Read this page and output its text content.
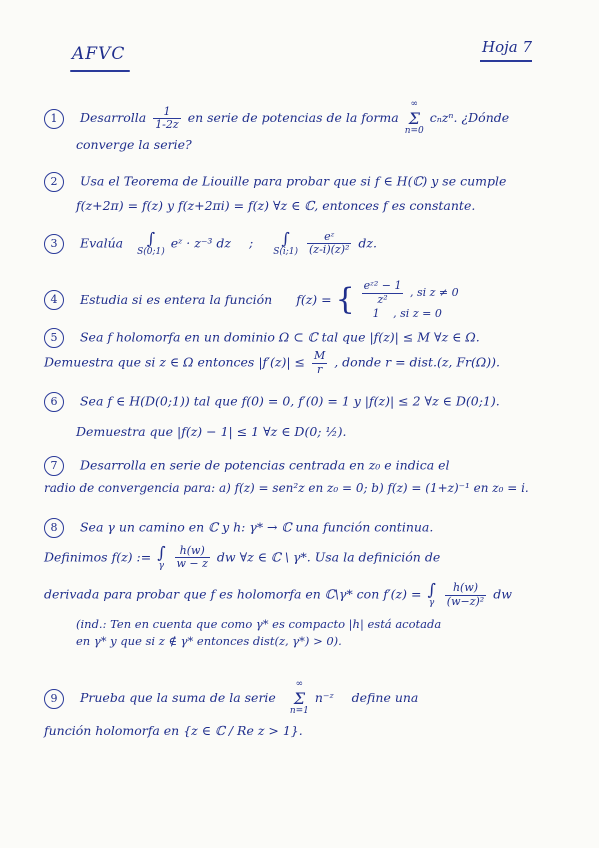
AFVC	Hoja 7
1 Desarrolla $\frac{1}{1-2z}$ en serie de potencias de la forma ∞
Σ
n=0 cₙzⁿ. ¿Dónde
converge la serie?
2 Usa el Teorema de Liouille para probar que si f ∈ H(ℂ) y se cumple
f(z+2π) = f(z) y f(z+2πi) = f(z) ∀z ∈ ℂ, entonces f es constante.
3 Evalúa	∫
S(0;1) eᶻ · z⁻³ dz ;	∫
S(i;1) $\frac{\text{eᶻ}}{\text{(z-i)(z)²}}$ dz.
4 Estudia si es entera la función f(z) = { $\frac{\text{eᶻ² − 1}}{\text{z²}}$ , si z ≠ 0
1 , si z = 0
5 Sea f holomorfa en un dominio Ω ⊂ ℂ tal que |f(z)| ≤ M ∀z ∈ Ω.
Demuestra que si z ∈ Ω entonces $|f'(z)| \le \frac{M}{r}$ , donde r = dist.(z, Fr(Ω)).
6 Sea f ∈ H(D(0;1)) tal que f(0) = 0, f′(0) = 1 y |f(z)| ≤ 2 ∀z ∈ D(0;1).
Demuestra que |f(z) − 1| ≤ 1 ∀z ∈ D(0; ½).
7 Desarrolla en serie de potencias centrada en z₀ e indica el
radio de convergencia para: a) f(z) = sen²z en z₀ = 0; b) f(z) = (1+z)⁻¹ en z₀ = i.
8 Sea γ un camino en ℂ y h: γ* → ℂ una función continua.
Definimos f(z) := ∫
γ $\frac{h(w)}{w - z}$ dw ∀z ∈ ℂ \ γ*. Usa la definición de
derivada para probar que f es holomorfa en ℂ\γ* con f′(z) = ∫
γ $\frac{h(w)}{\text{(w−z)²}}$ dw
(ind.: Ten en cuenta que como γ* es compacto |h| está acotada
en γ* y que si z ∉ γ* entonces dist(z, γ*) > 0).
9 Prueba que la suma de la serie ∞
Σ
n=1 n⁻ᶻ define una
función holomorfa en {z ∈ ℂ / Re z > 1}.
